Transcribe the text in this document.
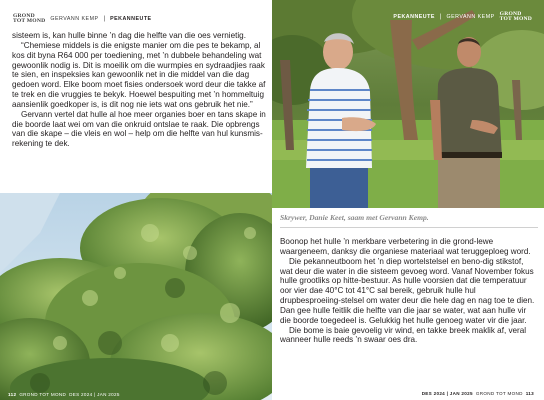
GROND
TOT MOND GERVANN KEMP | PEKANNEUTE

sisteem is, kan hulle binne ’n dag die helfte van die oes vernietig.

“Chemiese middels is die enigste manier om die pes te bekamp, al kos dit byna R64 000 per toediening, met ’n dubbele behandeling wat gewoonlik nodig is. Dit is moeilik om die wurmpies en sydraadjies raak te sien, en inspeksies kan gewoonlik net in die middel van die dag gedoen word. Elke boom moet fisies ondersoek word deur die takke af te trek en die vruggies te bekyk. Hoewel bespuiting met ’n hommeltuig aansienlik goedkoper is, is dit nog nie iets wat ons gebruik het nie.”

Gervann vertel dat hulle al hoe meer organies boer en tans skape in die boorde laat wei om van die onkruid ontslae te raak. Die opbrengs van die skape – die vleis en wol – help om die helfte van hul kunsmis-rekening te dek.

112 GROND TOT MOND DES 2024 | JAN 2025
PEKANNEUTE | GERVANN KEMP GROND
TOT MOND
Skrywer, Danie Keet, saam met Gervann Kemp.

Boonop het hulle ’n merkbare verbetering in die grond-lewe waargeneem, danksy die organiese materiaal wat teruggeploeg word.

Die pekanneutboom het ’n diep wortelstelsel en beno-dig stikstof, wat deur die water in die sisteem gevoeg word. Vanaf November fokus hulle grootliks op hitte-bestuur. As hulle voorsien dat die temperatuur oor vier dae 40°C tot 41°C sal bereik, gebruik hulle hul drupbesproeiing-stelsel om water deur die hele dag en nag toe te dien. Dan gee hulle feitlik die helfte van die jaar se water, wat aan hulle vir die boorde toegedeel is. Gelukkig het hulle genoeg water vir die jaar.

Die bome is baie gevoelig vir wind, en takke breek maklik af, veral wanneer hulle reeds ’n swaar oes dra.

DES 2024 | JAN 2025 GROND TOT MOND 113
